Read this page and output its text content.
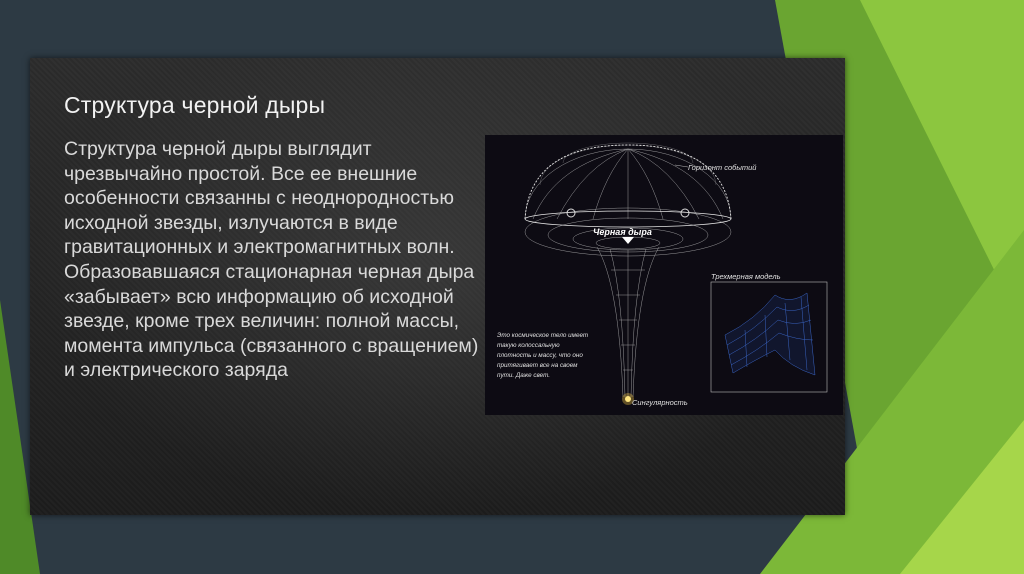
Структура черной дыры
Структура черной дыры выглядит чрезвычайно простой. Все ее внешние особенности связанны с неоднородностью исходной звезды, излучаются в виде гравитационных и электромагнитных волн. Образовавшаяся стационарная черная дыра «забывает» всю информацию об исходной звезде, кроме трех величин: полной массы, момента импульса (связанного с вращением) и электрического заряда
Горизонт событий
Черная дыра
Трехмерная модель
Это космическое тело имеет такую колоссальную плотность и массу, что оно притягивает все на своем пути. Даже свет.
Сингулярность
